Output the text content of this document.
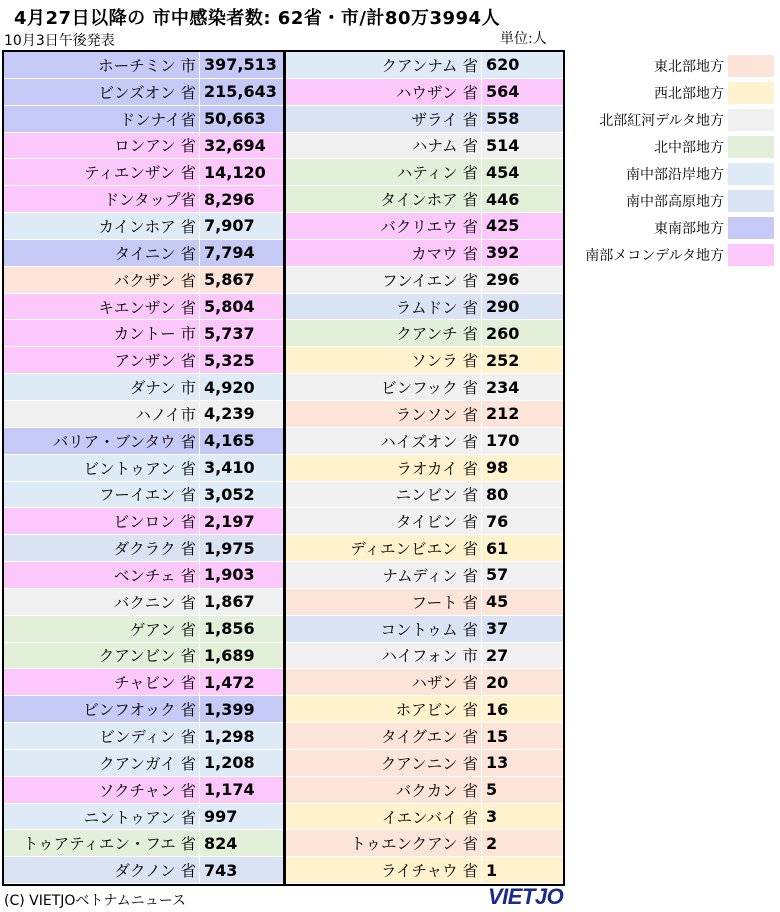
4月27日以降の 市中感染者数: 62省・市/計80万3994人
10月3日午後発表	単位:人
ホーチミン 市 397,513
ビンズオン 省 215,643
ドンナイ省 50,663
ロンアン 省 32,694
ティエンザン 省 14,120
ドンタップ省 8,296
カインホア 省 7,907
タイニン 省 7,794
バクザン 省 5,867
キエンザン 省 5,804
カントー 市 5,737
アンザン 省 5,325
ダナン 市 4,920
ハノイ市 4,239
バリア・ブンタウ 省 4,165
ビントゥアン 省 3,410
フーイエン 省 3,052
ビンロン 省 2,197
ダクラク 省 1,975
ベンチェ 省 1,903
バクニン 省 1,867
ゲアン 省 1,856
クアンビン 省 1,689
チャビン 省 1,472
ビンフオック 省 1,399
ビンディン 省 1,298
クアンガイ 省 1,208
ソクチャン 省 1,174
ニントゥアン 省 997
トゥアティエン・フエ 省 824
ダクノン 省 743
クアンナム 省 620
ハウザン 省 564
ザライ 省 558
ハナム 省 514
ハティン 省 454
タインホア 省 446
バクリエウ 省 425
カマウ 省 392
フンイエン 省 296
ラムドン 省 290
クアンチ 省 260
ソンラ 省 252
ビンフック 省 234
ランソン 省 212
ハイズオン 省 170
ラオカイ 省 98
ニンビン 省 80
タイビン 省 76
ディエンビエン 省 61
ナムディン 省 57
フート 省 45
コントゥム 省 37
ハイフォン 市 27
ハザン 省 20
ホアビン 省 16
タイグエン 省 15
クアンニン 省 13
バクカン 省 5
イエンバイ 省 3
トゥエンクアン 省 2
ライチャウ 省 1
東北部地方
西北部地方
北部紅河デルタ地方
北中部地方
南中部沿岸地方
南中部高原地方
東南部地方
南部メコンデルタ地方
(C) VIETJOベトナムニュース	VIETJO
